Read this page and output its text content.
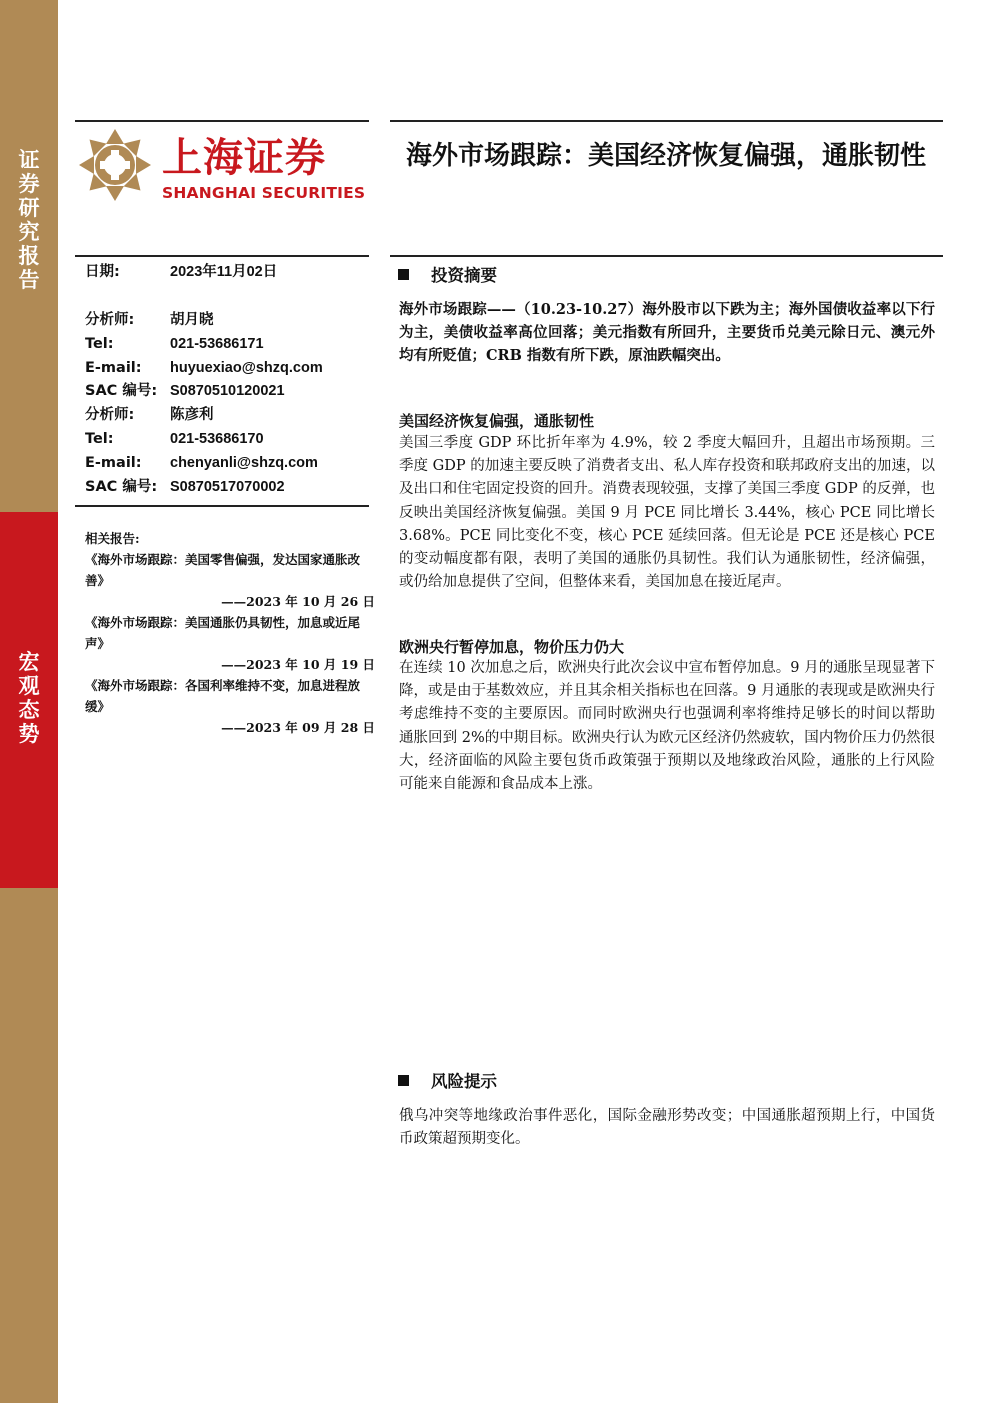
证
券
研
究
报
告
宏
观
态
势
上海证券
SHANGHAI SECURITIES
海外市场跟踪：美国经济恢复偏强，通胀韧性
日期:	2023年11月02日
分析师: 胡月晓
Tel:	021-53686171
E-mail: huyuexiao@shzq.com
SAC 编号: S0870510120021
分析师: 陈彦利
Tel:	021-53686170
E-mail: chenyanli@shzq.com
SAC 编号: S0870517070002
相关报告:
《海外市场跟踪：美国零售偏强，发达国家通胀改善》
——2023 年 10 月 26 日
《海外市场跟踪：美国通胀仍具韧性，加息或近尾声》
——2023 年 10 月 19 日
《海外市场跟踪：各国利率维持不变，加息进程放缓》
——2023 年 09 月 28 日
投资摘要
海外市场跟踪——（10.23-10.27）海外股市以下跌为主；海外国债收益率以下行为主，美债收益率高位回落；美元指数有所回升，主要货币兑美元除日元、澳元外均有所贬值；CRB 指数有所下跌，原油跌幅突出。
美国经济恢复偏强，通胀韧性
美国三季度 GDP 环比折年率为 4.9%，较 2 季度大幅回升，且超出市场预期。三季度 GDP 的加速主要反映了消费者支出、私人库存投资和联邦政府支出的加速，以及出口和住宅固定投资的回升。消费表现较强，支撑了美国三季度 GDP 的反弹，也反映出美国经济恢复偏强。美国 9 月 PCE 同比增长 3.44%，核心 PCE 同比增长 3.68%。PCE 同比变化不变，核心 PCE 延续回落。但无论是 PCE 还是核心 PCE 的变动幅度都有限，表明了美国的通胀仍具韧性。我们认为通胀韧性，经济偏强，或仍给加息提供了空间，但整体来看，美国加息在接近尾声。
欧洲央行暂停加息，物价压力仍大
在连续 10 次加息之后，欧洲央行此次会议中宣布暂停加息。9 月的通胀呈现显著下降，或是由于基数效应，并且其余相关指标也在回落。9 月通胀的表现或是欧洲央行考虑维持不变的主要原因。而同时欧洲央行也强调利率将维持足够长的时间以帮助通胀回到 2%的中期目标。欧洲央行认为欧元区经济仍然疲软，国内物价压力仍然很大，经济面临的风险主要包货币政策强于预期以及地缘政治风险，通胀的上行风险可能来自能源和食品成本上涨。
风险提示
俄乌冲突等地缘政治事件恶化，国际金融形势改变；中国通胀超预期上行，中国货币政策超预期变化。
